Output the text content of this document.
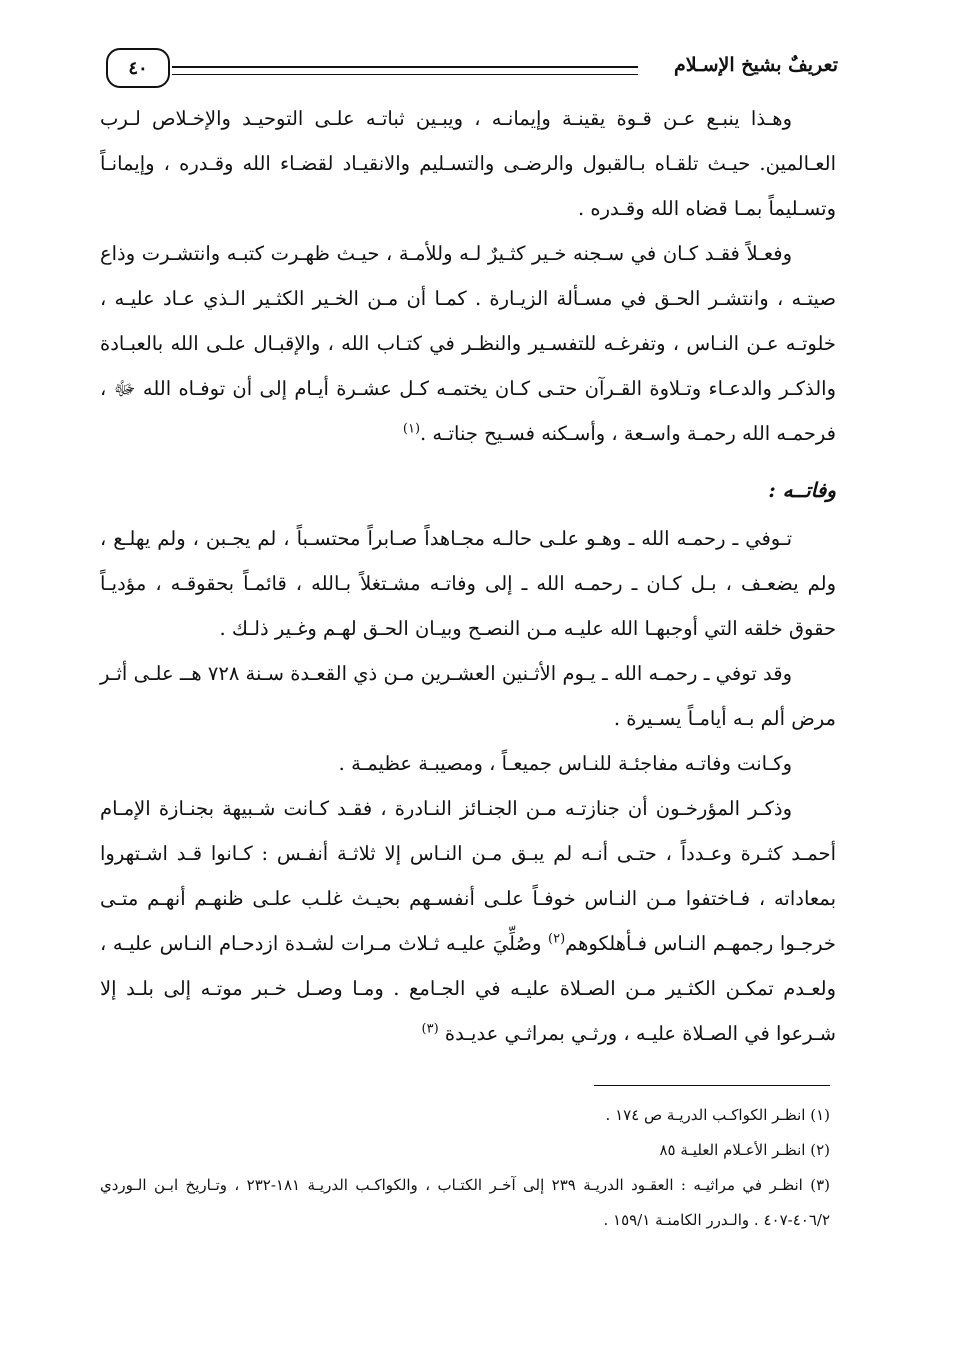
تعريفٌ بشيخ الإسـلام
٤٠

وهـذا ينبـع عـن قـوة يقينـة وإيمانـه ، ويبـين ثباتـه علـى التوحيـد والإخـلاص لـرب العـالمين. حيـث تلقـاه بـالقبول والرضـى والتسـليم والانقيـاد لقضـاء الله وقـدره ، وإيمانـاً وتسـليماً بمـا قضاه الله وقـدره .

وفعـلاً فقـد كـان في سـجنه خـير كثـيرٌ لـه وللأمـة ، حيـث ظهـرت كتبـه وانتشـرت وذاع صيتـه ، وانتشـر الحـق في مسـألة الزيـارة . كمـا أن مـن الخـير الكثـير الـذي عـاد عليـه ، خلوتـه عـن النـاس ، وتفرغـه للتفسـير والنظـر في كتـاب الله ، والإقبـال علـى الله بالعبـادة والذكـر والدعـاء وتـلاوة القـرآن حتـى كـان يختمـه كـل عشـرة أيـام إلى أن توفـاه الله ﷻ ، فرحمـه الله رحمـة واسـعة ، وأسـكنه فسـيح جناتـه .$^{(١)}$

وفاتــه :

تـوفي ـ رحمـه الله ـ وهـو علـى حالـه مجـاهداً صـابراً محتسـباً ، لم يجـبن ، ولم يهلـع ، ولم يضعـف ، بـل كـان ـ رحمـه الله ـ إلى وفاتـه مشـتغلاً بـالله ، قائمـاً بحقوقـه ، مؤديـاً حقوق خلقه التي أوجبهـا الله عليـه مـن النصـح وبيـان الحـق لهـم وغـير ذلـك .

وقد توفي ـ رحمـه الله ـ يـوم الأثـنين العشـرين مـن ذي القعـدة سـنة ٧٢٨ هــ علـى أثـر مرض ألم بـه أيامـاً يسـيرة .

وكـانت وفاتـه مفاجئـة للنـاس جميعـاً ، ومصيبـة عظيمـة .

وذكـر المؤرخـون أن جنازتـه مـن الجنـائز النـادرة ، فقـد كـانت شـبيهة بجنـازة الإمـام أحمـد كثـرة وعـدداً ، حتـى أنـه لم يبـق مـن النـاس إلا ثلاثـة أنفـس : كـانوا قـد اشـتهروا بمعاداته ، فـاختفوا مـن النـاس خوفـاً علـى أنفسـهم بحيـث غلـب علـى ظنهـم أنهـم متـى خرجـوا رجمهـم النـاس فـأهلكوهم$^{(٢)}$ وصُلِّيَ عليـه ثـلاث مـرات لشـدة ازدحـام النـاس عليـه ، ولعـدم تمكـن الكثـير مـن الصـلاة عليـه في الجـامع . ومـا وصـل خـبر موتـه إلى بلـد إلا شـرعوا في الصـلاة عليـه ، ورثـي بمراثـي عديـدة $^{(٣)}$

(١) انظـر الكواكـب الدريـة ص ١٧٤ .

(٢) انظـر الأعـلام العليـة ٨٥

(٣) انظـر في مراثيـه : العقـود الدريـة ٢٣٩ إلى آخـر الكتـاب ، والكواكـب الدريـة ١٨١-٢٣٢ ، وتـاريخ ابـن الـوردي ٤٠٦/٢-٤٠٧ . والـدرر الكامنـة ١٥٩/١ .
